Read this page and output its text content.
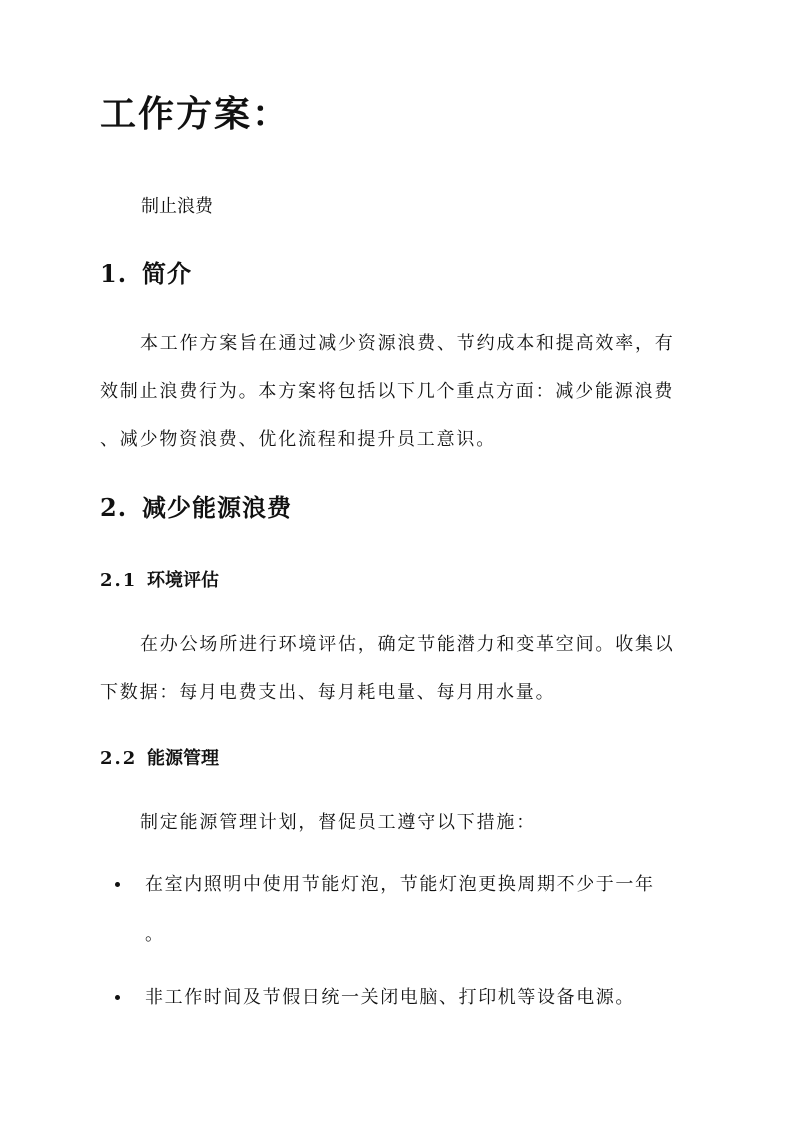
工作方案：
制止浪费
1. 简介
本工作方案旨在通过减少资源浪费、节约成本和提高效率，有
效制止浪费行为。本方案将包括以下几个重点方面：减少能源浪费
、减少物资浪费、优化流程和提升员工意识。
2. 减少能源浪费
2.1 环境评估
在办公场所进行环境评估，确定节能潜力和变革空间。收集以
下数据：每月电费支出、每月耗电量、每月用水量。
2.2 能源管理
制定能源管理计划，督促员工遵守以下措施：
在室内照明中使用节能灯泡，节能灯泡更换周期不少于一年
。
非工作时间及节假日统一关闭电脑、打印机等设备电源。
